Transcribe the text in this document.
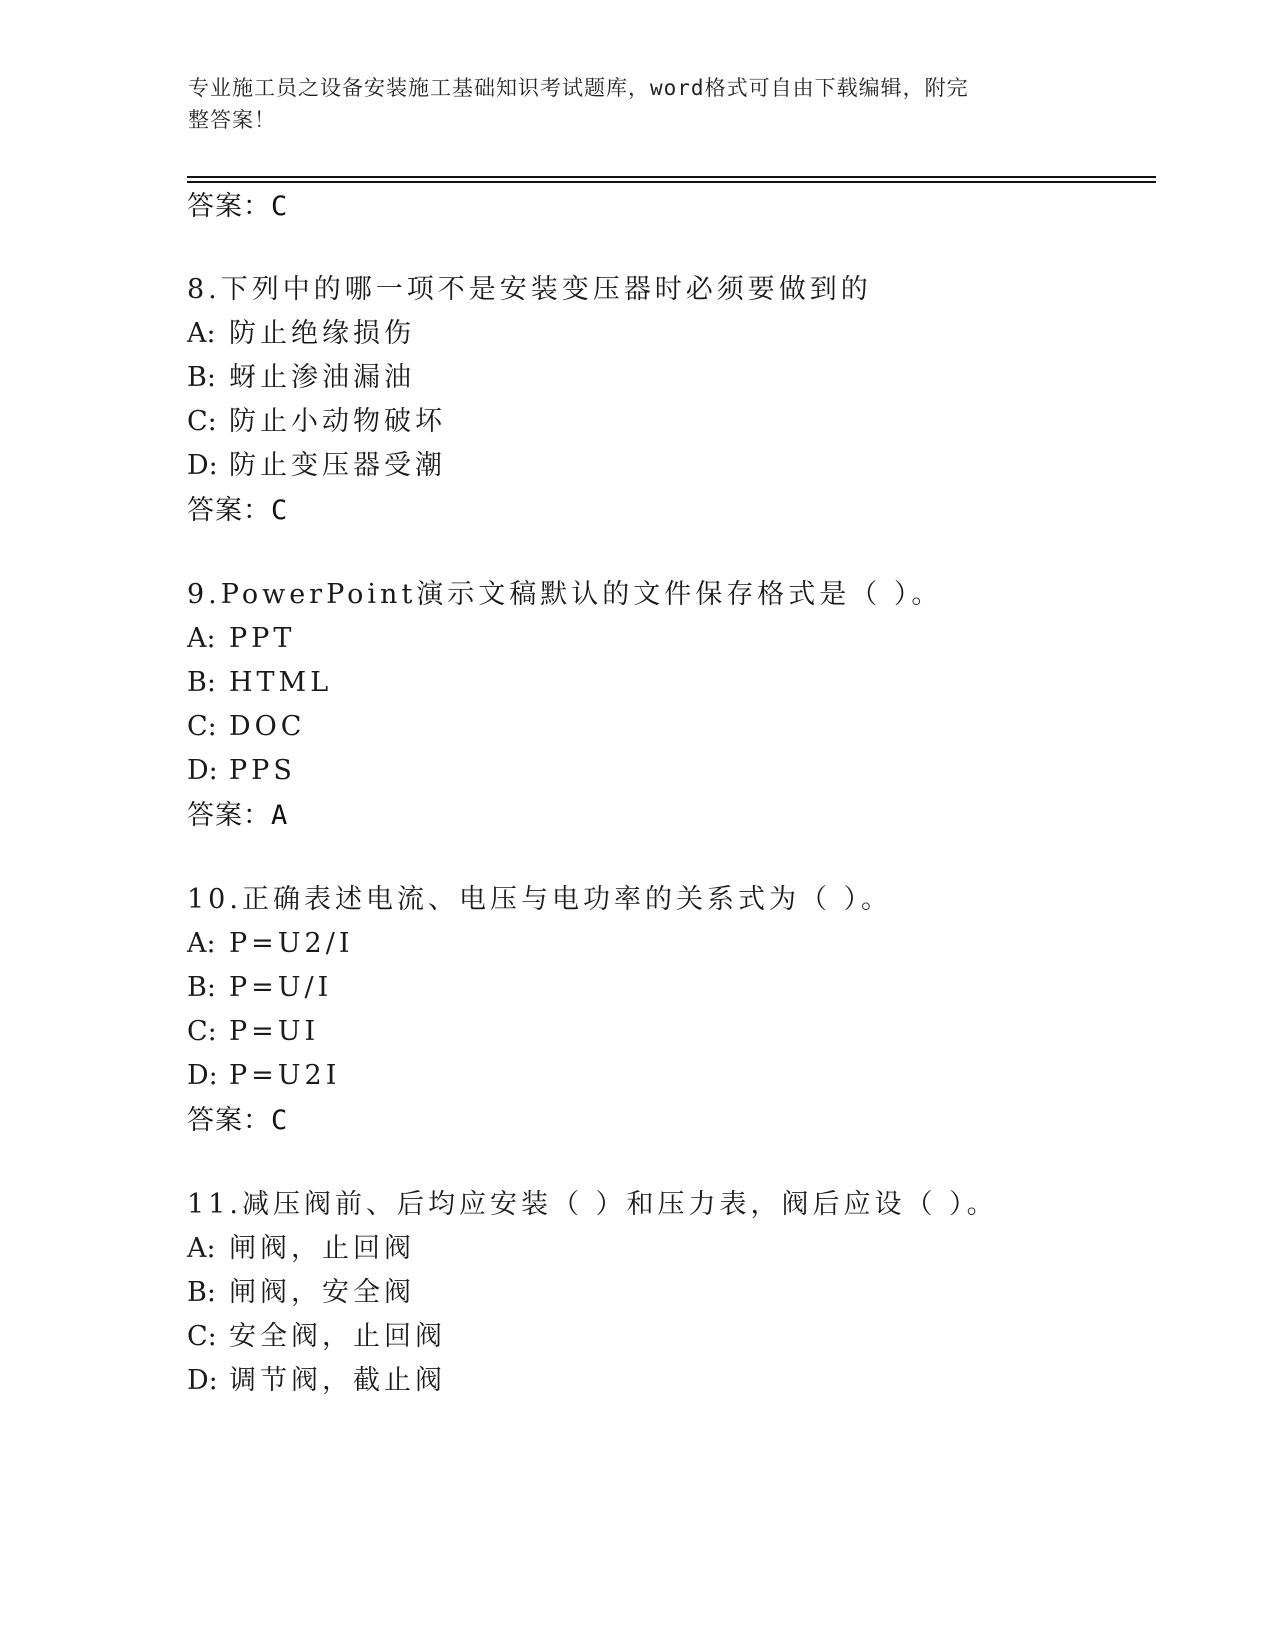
专业施工员之设备安装施工基础知识考试题库，word格式可自由下载编辑，附完
整答案！
答案：C
8.下列中的哪一项不是安装变压器时必须要做到的
A: 防止绝缘损伤
B: 蚜止渗油漏油
C: 防止小动物破坏
D: 防止变压器受潮
答案：C
9.PowerPoint演示文稿默认的文件保存格式是（ ）。
A: PPT
B: HTML
C: DOC
D: PPS
答案：A
10.正确表述电流、电压与电功率的关系式为（ ）。
A: P=U2/I
B: P=U/I
C: P=UI
D: P=U2I
答案：C
11.减压阀前、后均应安装（ ）和压力表，阀后应设（ ）。
A: 闸阀，止回阀
B: 闸阀，安全阀
C: 安全阀，止回阀
D: 调节阀，截止阀
